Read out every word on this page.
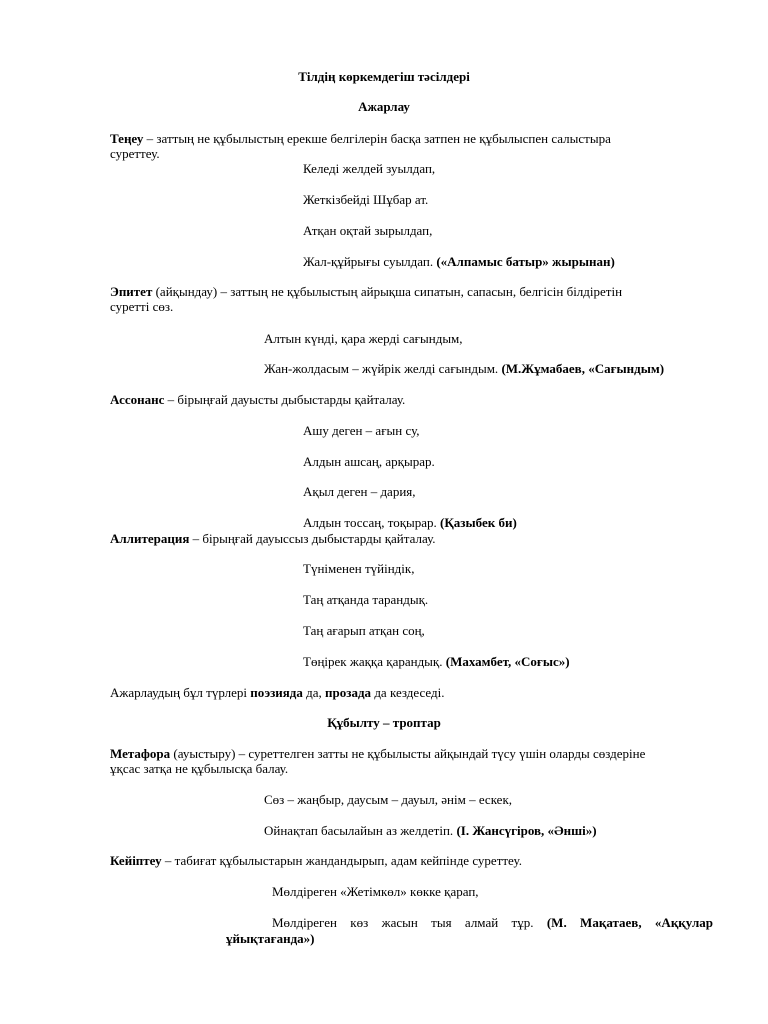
Тілдің көркемдегіш тәсілдері
Ажарлау
Теңеу – заттың не құбылыстың ерекше белгілерін басқа затпен не құбылыспен салыстыра
суреттеу.
Келеді желдей зуылдап,
Жеткізбейді Шұбар ат.
Атқан оқтай зырылдап,
Жал-құйрығы суылдап. («Алпамыс батыр» жырынан)
Эпитет (айқындау) – заттың не құбылыстың айрықша сипатын, сапасын, белгісін білдіретін
суретті сөз.
Алтын күнді, қара жерді сағындым,
Жан-жолдасым – жүйрік желді сағындым. (М.Жұмабаев, «Сағындым)
Ассонанс – бірыңғай дауысты дыбыстарды қайталау.
Ашу деген – ағын су,
Алдын ашсаң, арқырар.
Ақыл деген – дария,
Алдын тоссаң, тоқырар. (Қазыбек би)
Аллитерация – бірыңғай дауыссыз дыбыстарды қайталау.
Түніменен түйіндік,
Таң атқанда тарандық.
Таң ағарып атқан соң,
Төңірек жаққа қарандық. (Махамбет, «Соғыс»)
Ажарлаудың бұл түрлері поэзияда да, прозада да кездеседі.
Құбылту – троптар
Метафора (ауыстыру) – суреттелген затты не құбылысты айқындай түсу үшін оларды сөздеріне
ұқсас затқа не құбылысқа балау.
Сөз – жаңбыр, даусым – дауыл, әнім – ескек,
Ойнақтап басылайын аз желдетіп. (І. Жансүгіров, «Әнші»)
Кейіптеу – табиғат құбылыстарын жандандырып, адам кейпінде суреттеу.
Мөлдіреген «Жетімкөл» көкке қарап,
Мөлдіреген көз жасын тыя алмай тұр. (М. Мақатаев, «Аққулар
ұйықтағанда»)
